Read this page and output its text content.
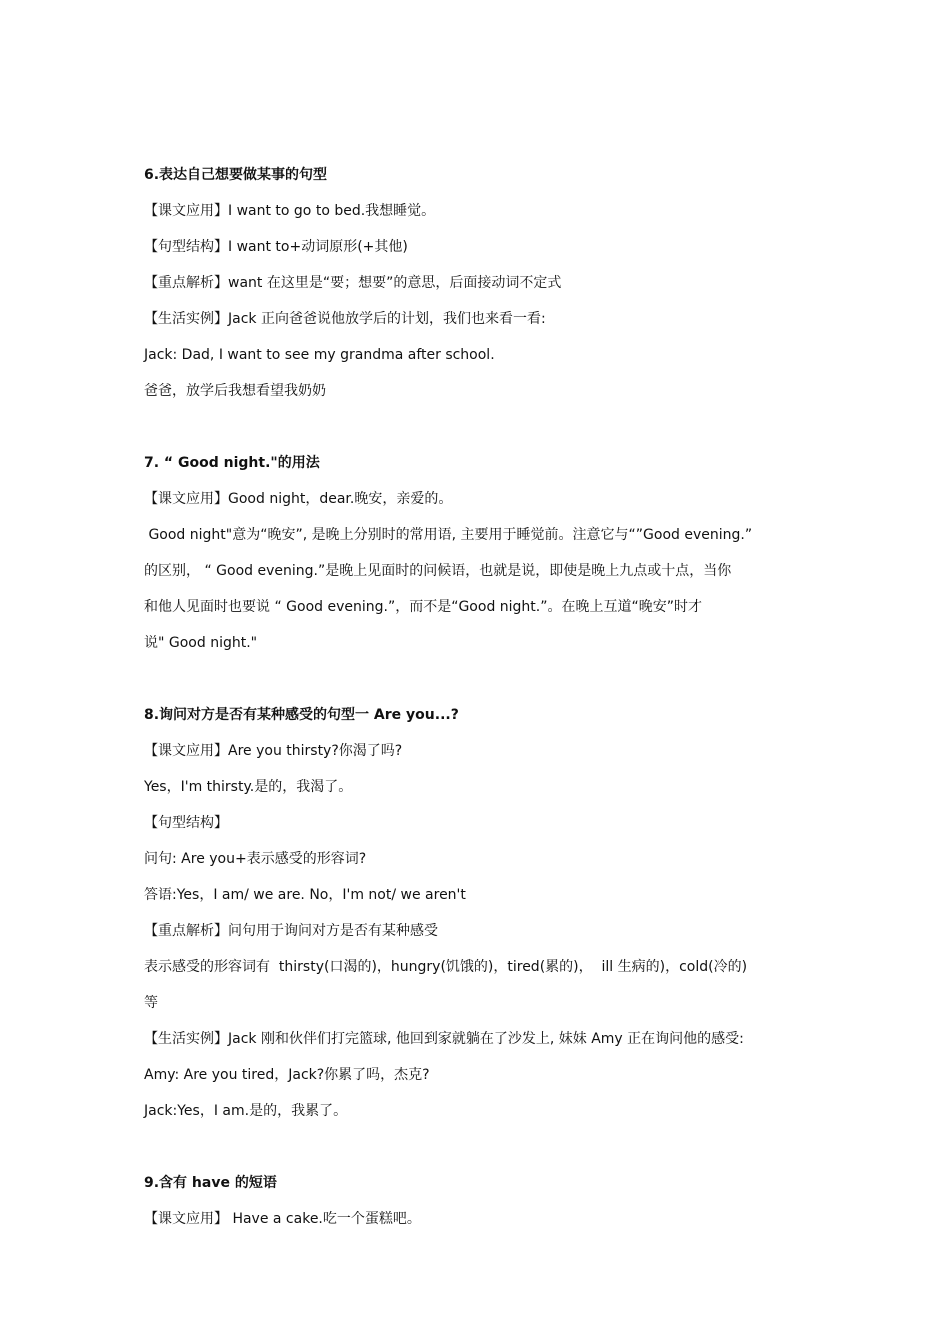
6.表达自己想要做某事的句型
【课文应用】I want to go to bed.我想睡觉。
【句型结构】I want to+动词原形(+其他)
【重点解析】want 在这里是“要；想要”的意思，后面接动词不定式
【生活实例】Jack 正向爸爸说他放学后的计划，我们也来看一看:
Jack: Dad, I want to see my grandma after school.
爸爸，放学后我想看望我奶奶
7. “ Good night."的用法
【课文应用】Good night，dear.晚安，亲爱的。
Good night"意为“晚安”, 是晚上分别时的常用语, 主要用于睡觉前。注意它与“”Good evening.”
的区别， “ Good evening.”是晚上见面时的问候语，也就是说，即使是晚上九点或十点，当你
和他人见面时也要说 “ Good evening.”，而不是“Good night.”。在晚上互道“晚安”时才
说" Good night."
8.询问对方是否有某种感受的句型一 Are you...?
【课文应用】Are you thirsty?你渴了吗?
Yes，I'm thirsty.是的，我渴了。
【句型结构】
问句: Are you+表示感受的形容词?
答语:Yes，I am/ we are. No，I'm not/ we aren't
【重点解析】问句用于询问对方是否有某种感受
表示感受的形容词有  thirsty(口渴的)，hungry(饥饿的)，tired(累的)，  ill 生病的)，cold(冷的)
等
【生活实例】Jack 刚和伙伴们打完篮球, 他回到家就躺在了沙发上, 妹妹 Amy 正在询问他的感受:
Amy: Are you tired，Jack?你累了吗，杰克?
Jack:Yes，I am.是的，我累了。
9.含有 have 的短语
【课文应用】 Have a cake.吃一个蛋糕吧。
